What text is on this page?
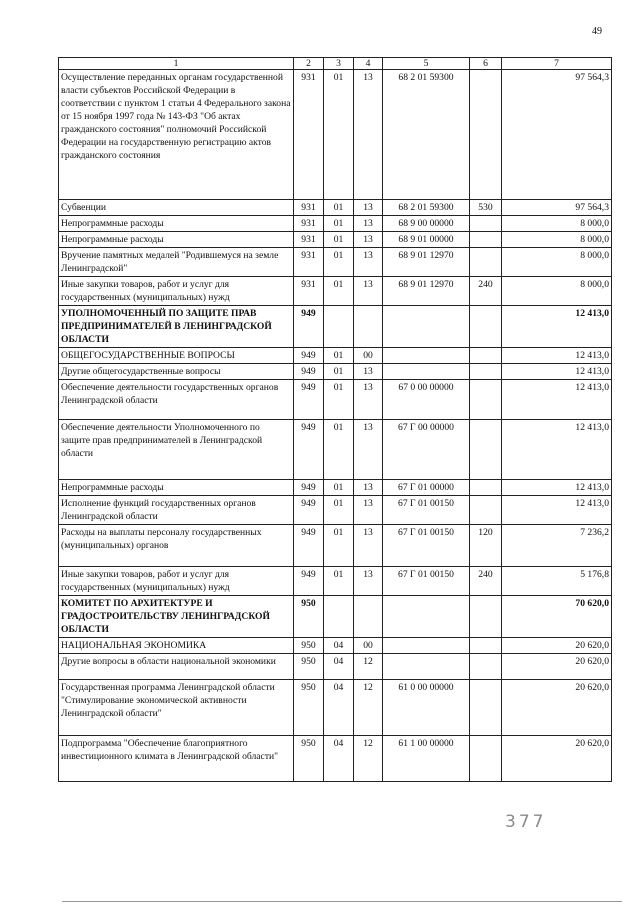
49
1	2	3	4	5	6	7
Осуществление переданных органам государственной власти субъектов Российской Федерации в соответствии с пунктом 1 статьи 4 Федерального закона от 15 ноября 1997 года № 143-ФЗ "Об актах гражданского состояния" полномочий Российской Федерации на государственную регистрацию актов гражданского состояния	931	01	13	68 2 01 59300		97 564,3
Субвенции	931	01	13	68 2 01 59300	530	97 564,3
Непрограммные расходы	931	01	13	68 9 00 00000		8 000,0
Непрограммные расходы	931	01	13	68 9 01 00000		8 000,0
Вручение памятных медалей "Родившемуся на земле Ленинградской"	931	01	13	68 9 01 12970		8 000,0
Иные закупки товаров, работ и услуг для государственных (муниципальных) нужд	931	01	13	68 9 01 12970	240	8 000,0
УПОЛНОМОЧЕННЫЙ ПО ЗАЩИТЕ ПРАВ ПРЕДПРИНИМАТЕЛЕЙ В ЛЕНИНГРАДСКОЙ ОБЛАСТИ	949					12 413,0
ОБЩЕГОСУДАРСТВЕННЫЕ ВОПРОСЫ	949	01	00			12 413,0
Другие общегосударственные вопросы	949	01	13			12 413,0
Обеспечение деятельности государственных органов Ленинградской области	949	01	13	67 0 00 00000		12 413,0
Обеспечение деятельности Уполномоченного по защите прав предпринимателей в Ленинградской области	949	01	13	67 Г 00 00000		12 413,0
Непрограммные расходы	949	01	13	67 Г 01 00000		12 413,0
Исполнение функций государственных органов Ленинградской области	949	01	13	67 Г 01 00150		12 413,0
Расходы на выплаты персоналу государственных (муниципальных) органов	949	01	13	67 Г 01 00150	120	7 236,2
Иные закупки товаров, работ и услуг для государственных (муниципальных) нужд	949	01	13	67 Г 01 00150	240	5 176,8
КОМИТЕТ ПО АРХИТЕКТУРЕ И ГРАДОСТРОИТЕЛЬСТВУ ЛЕНИНГРАДСКОЙ ОБЛАСТИ	950					70 620,0
НАЦИОНАЛЬНАЯ ЭКОНОМИКА	950	04	00			20 620,0
Другие вопросы в области национальной экономики	950	04	12			20 620,0
Государственная программа Ленинградской области "Стимулирование экономической активности Ленинградской области"	950	04	12	61 0 00 00000		20 620,0
Подпрограмма "Обеспечение благоприятного инвестиционного климата в Ленинградской области"	950	04	12	61 1 00 00000		20 620,0
377
